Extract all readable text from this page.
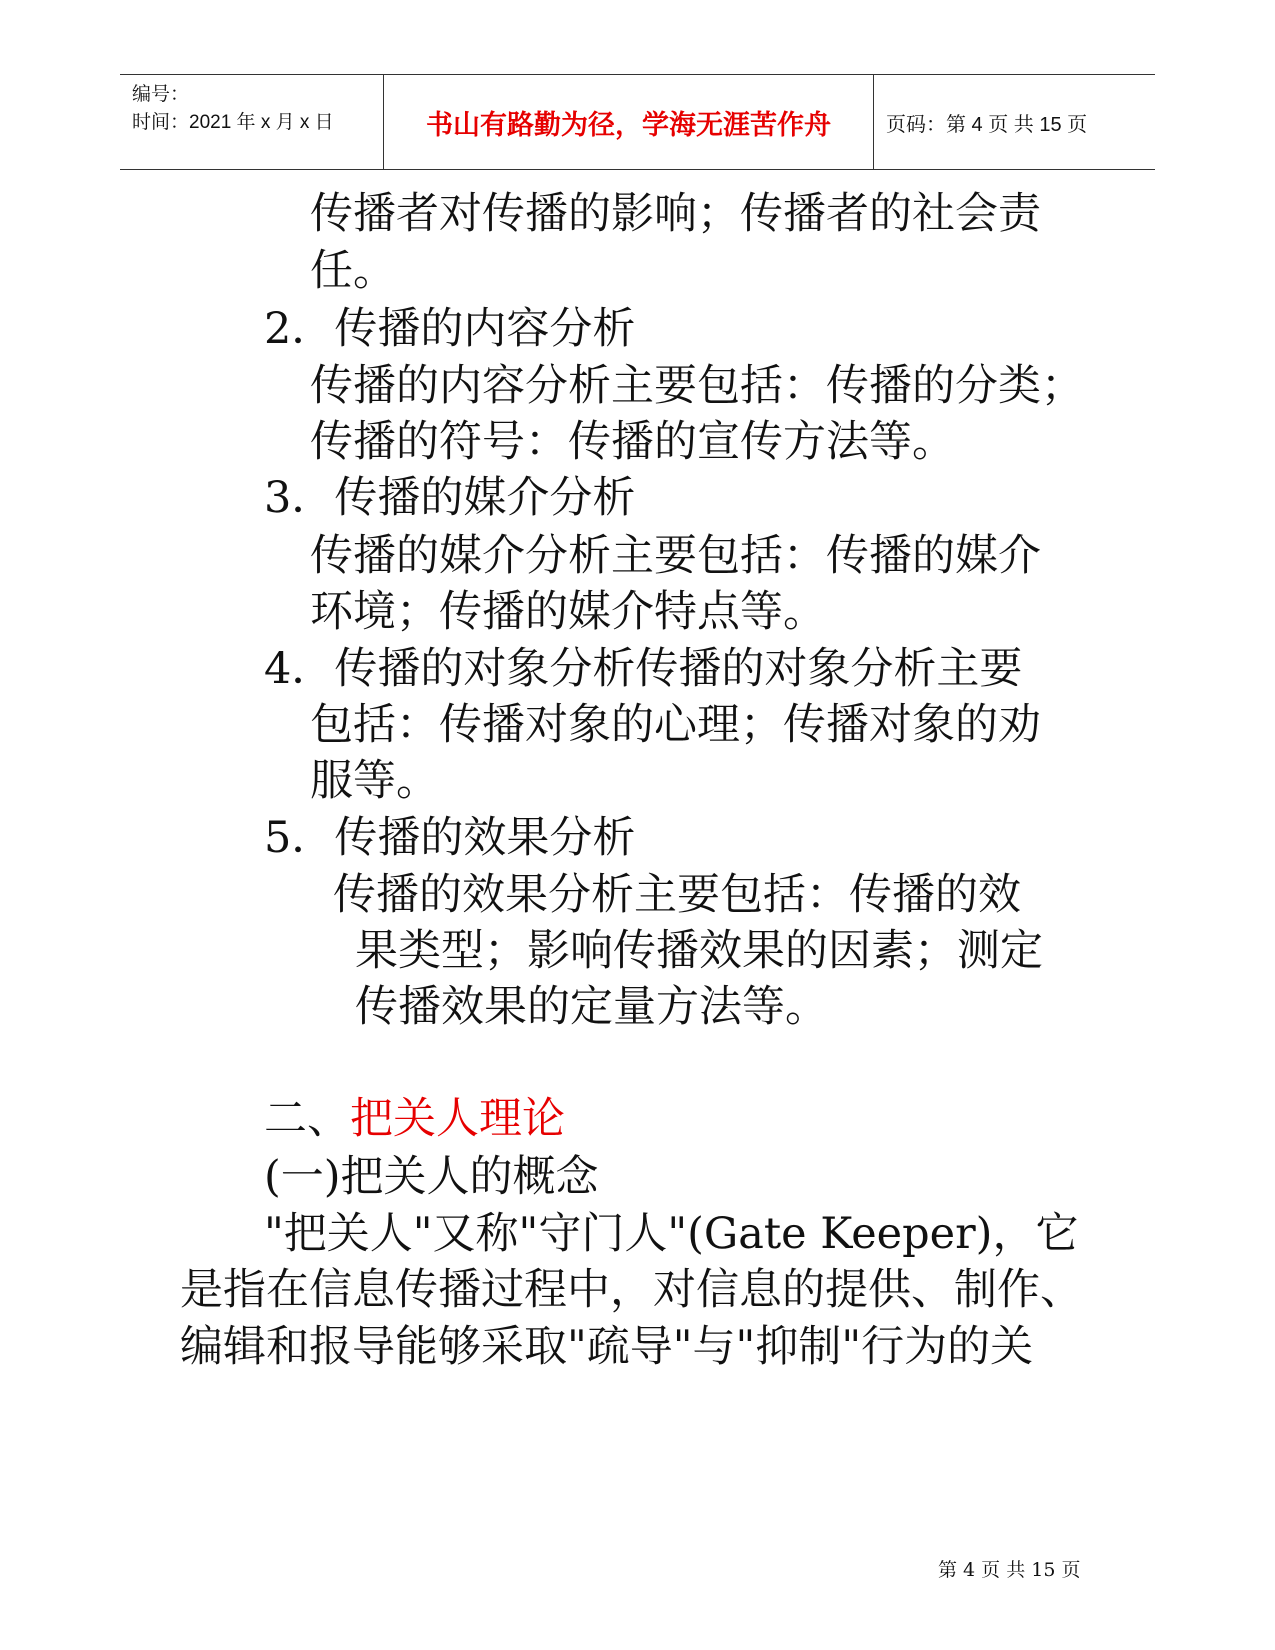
编号：
时间：2021 年 x 月 x 日	书山有路勤为径，学海无涯苦作舟	页码：第 4 页 共 15 页
传播者对传播的影响；传播者的社会责
任。
2．传播的内容分析
传播的内容分析主要包括：传播的分类；
传播的符号：传播的宣传方法等。
3．传播的媒介分析
传播的媒介分析主要包括：传播的媒介
环境；传播的媒介特点等。
4．传播的对象分析传播的对象分析主要
包括：传播对象的心理；传播对象的劝
服等。
5．传播的效果分析
传播的效果分析主要包括：传播的效
果类型；影响传播效果的因素；测定
传播效果的定量方法等。
二、把关人理论
(一)把关人的概念
"把关人"又称"守门人"(Gate Keeper)，它
是指在信息传播过程中，对信息的提供、制作、
编辑和报导能够采取"疏导"与"抑制"行为的关
第 4 页 共 15 页
